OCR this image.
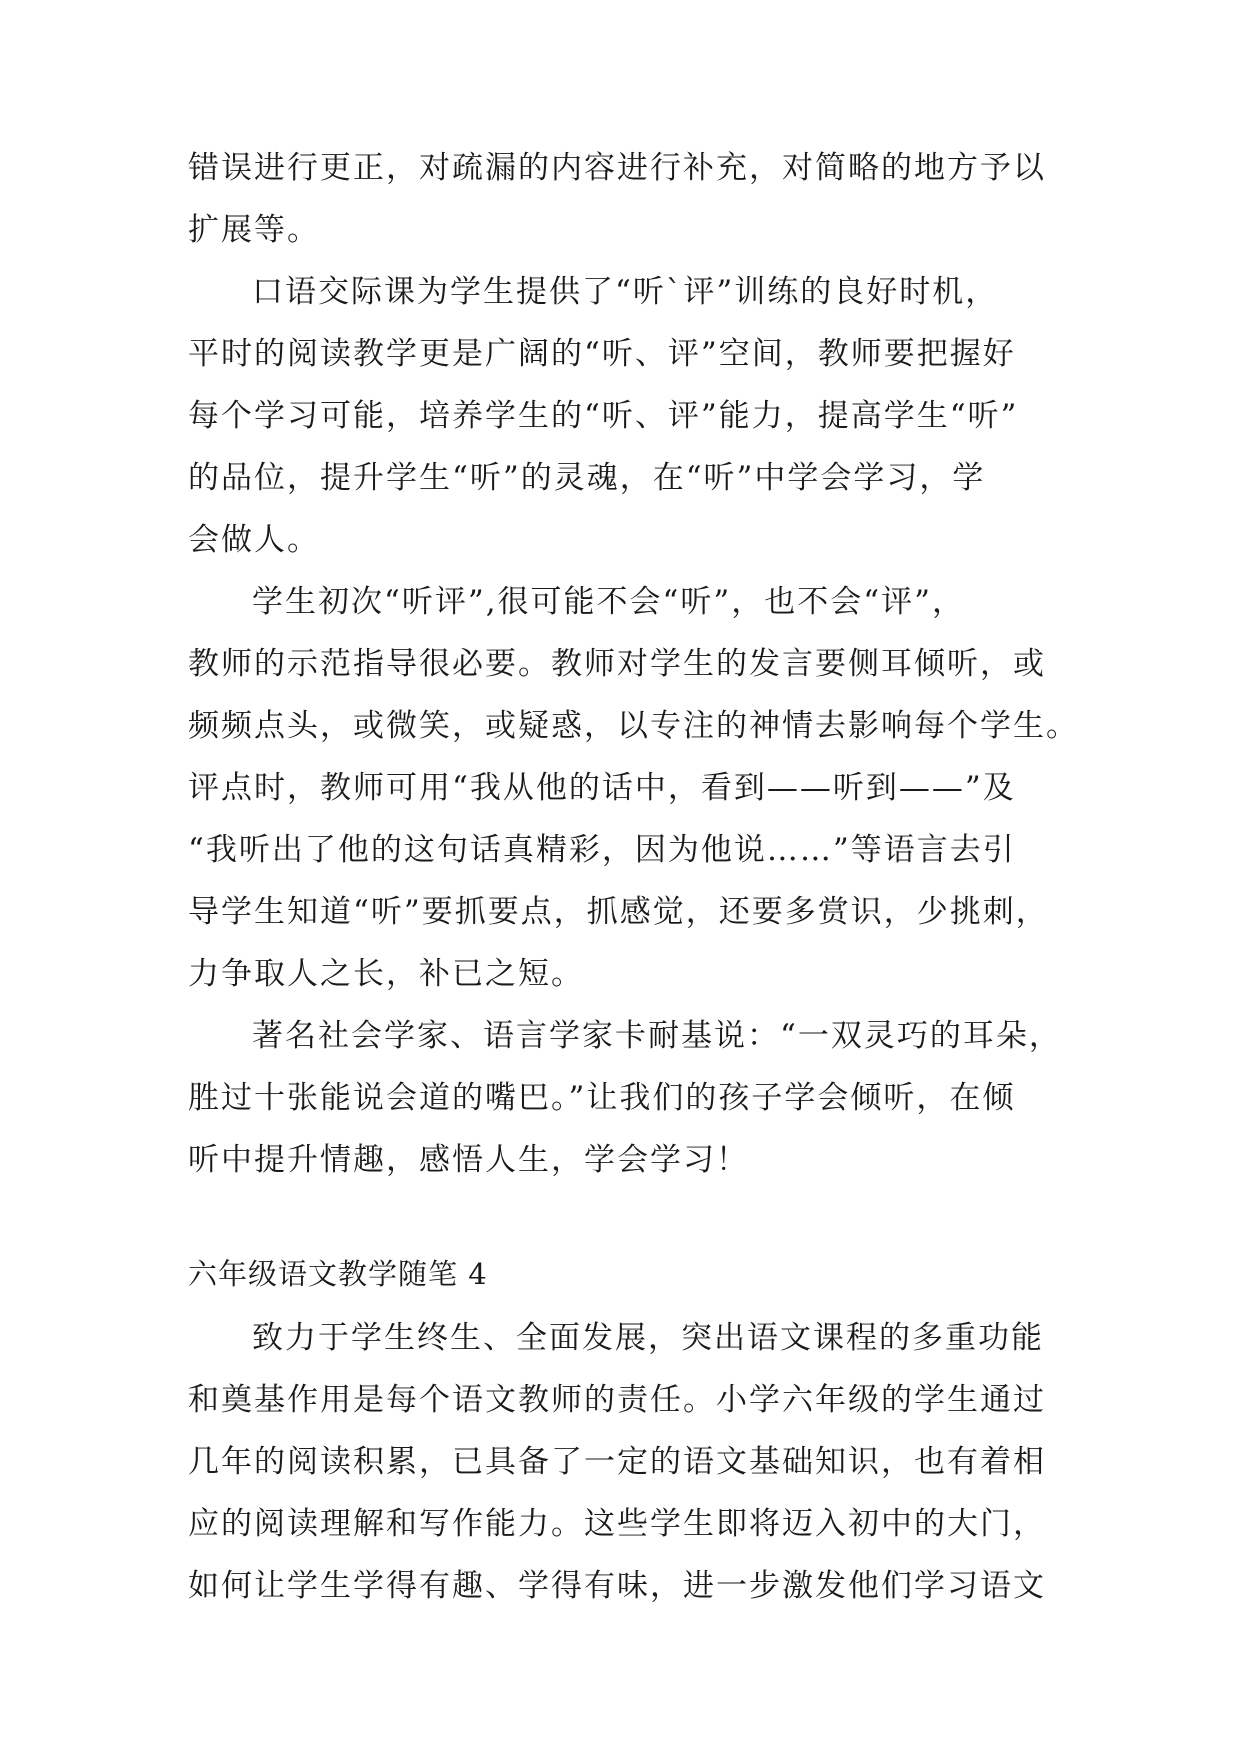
错误进行更正，对疏漏的内容进行补充，对简略的地方予以
扩展等。
口语交际课为学生提供了“听`评”训练的良好时机，
平时的阅读教学更是广阔的“听、评”空间，教师要把握好
每个学习可能，培养学生的“听、评”能力，提高学生“听”
的品位，提升学生“听”的灵魂，在“听”中学会学习，学
会做人。
学生初次“听评”,很可能不会“听”，也不会“评”，
教师的示范指导很必要。教师对学生的发言要侧耳倾听，或
频频点头，或微笑，或疑惑，以专注的神情去影响每个学生。
评点时，教师可用“我从他的话中，看到——听到——”及
“我听出了他的这句话真精彩，因为他说……”等语言去引
导学生知道“听”要抓要点，抓感觉，还要多赏识，少挑刺，
力争取人之长，补已之短。
著名社会学家、语言学家卡耐基说：“一双灵巧的耳朵，
胜过十张能说会道的嘴巴。”让我们的孩子学会倾听，在倾
听中提升情趣，感悟人生，学会学习！
六年级语文教学随笔 4
致力于学生终生、全面发展，突出语文课程的多重功能
和奠基作用是每个语文教师的责任。小学六年级的学生通过
几年的阅读积累，已具备了一定的语文基础知识，也有着相
应的阅读理解和写作能力。这些学生即将迈入初中的大门，
如何让学生学得有趣、学得有味，进一步激发他们学习语文
